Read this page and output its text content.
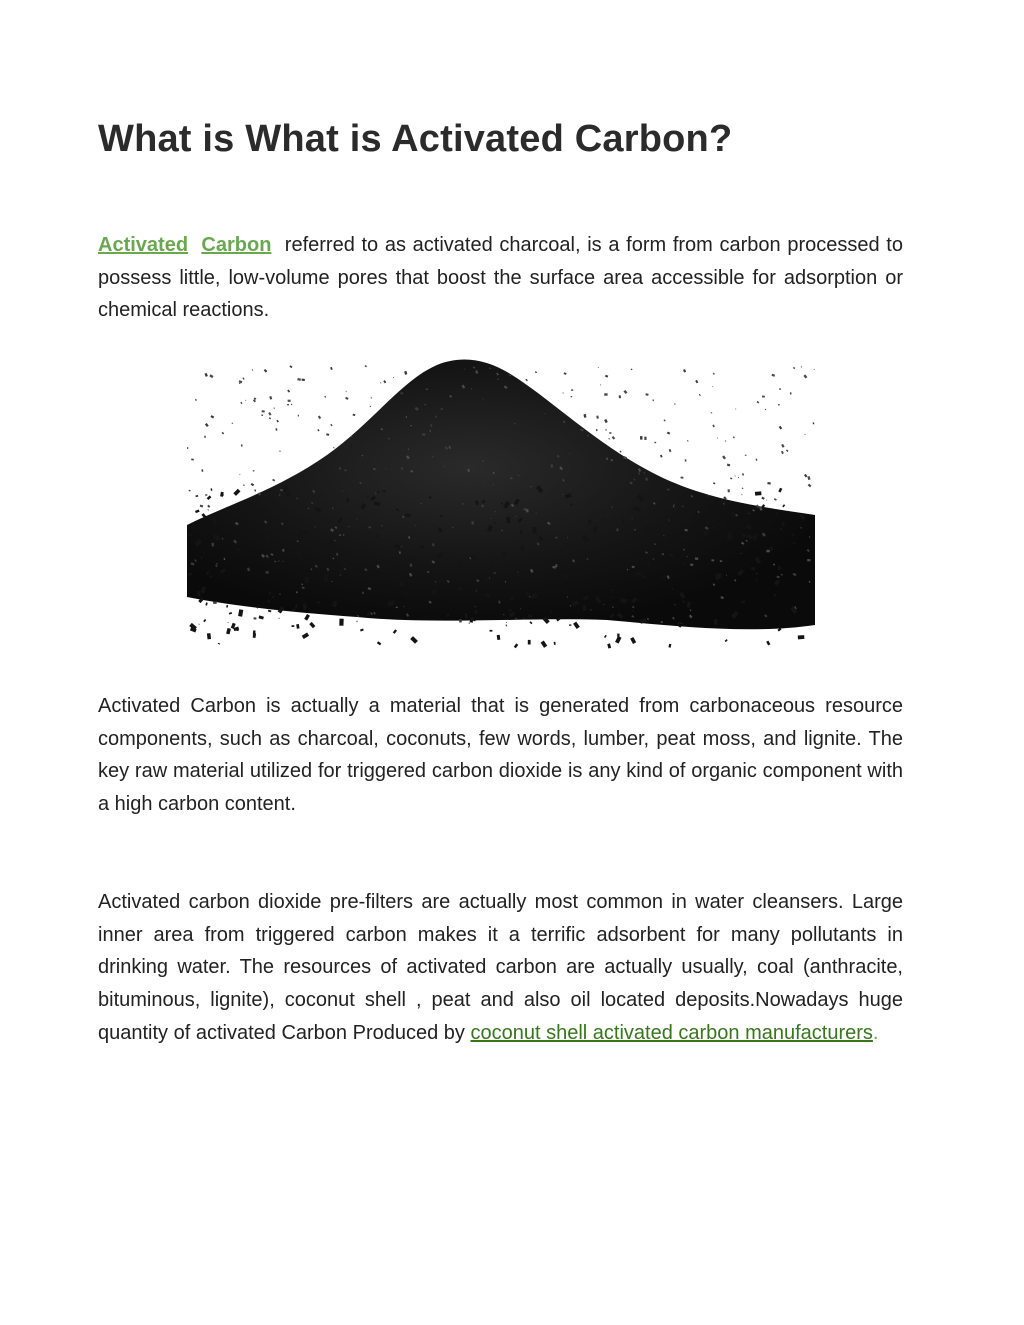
What is What is Activated Carbon?

Activated Carbon referred to as activated charcoal, is a form from carbon processed to possess little, low-volume pores that boost the surface area accessible for adsorption or chemical reactions.

Activated Carbon is actually a material that is generated from carbonaceous resource components, such as charcoal, coconuts, few words, lumber, peat moss, and lignite. The key raw material utilized for triggered carbon dioxide is any kind of organic component with a high carbon content.

Activated carbon dioxide pre-filters are actually most common in water cleansers. Large inner area from triggered carbon makes it a terrific adsorbent for many pollutants in drinking water. The resources of activated carbon are actually usually, coal (anthracite, bituminous, lignite), coconut shell , peat and also oil located deposits.Nowadays huge quantity of activated Carbon Produced by coconut shell activated carbon manufacturers.
